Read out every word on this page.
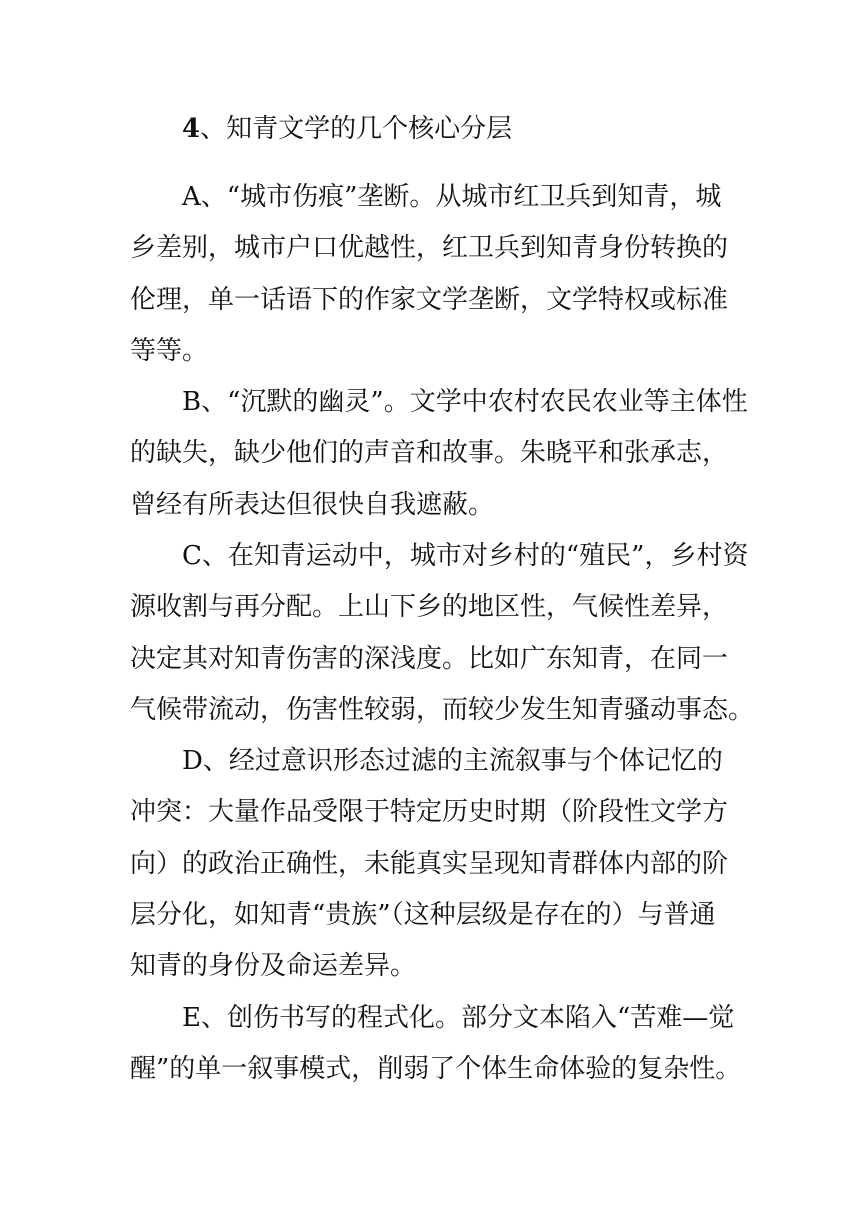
4、知青文学的几个核心分层

A、“城市伤痕”垄断。从城市红卫兵到知青，城
乡差别，城市户口优越性，红卫兵到知青身份转换的
伦理，单一话语下的作家文学垄断，文学特权或标准
等等。

B、“沉默的幽灵”。文学中农村农民农业等主体性
的缺失，缺少他们的声音和故事。朱晓平和张承志，
曾经有所表达但很快自我遮蔽。

C、在知青运动中，城市对乡村的“殖民”，乡村资
源收割与再分配。上山下乡的地区性，气候性差异，
决定其对知青伤害的深浅度。比如广东知青，在同一
气候带流动，伤害性较弱，而较少发生知青骚动事态。

D、经过意识形态过滤的主流叙事与个体记忆的
冲突：大量作品受限于特定历史时期（阶段性文学方
向）的政治正确性，未能真实呈现知青群体内部的阶
层分化，如知青“贵族”（这种层级是存在的）与普通
知青的身份及命运差异。

E、创伤书写的程式化。部分文本陷入“苦难—觉
醒”的单一叙事模式，削弱了个体生命体验的复杂性。
